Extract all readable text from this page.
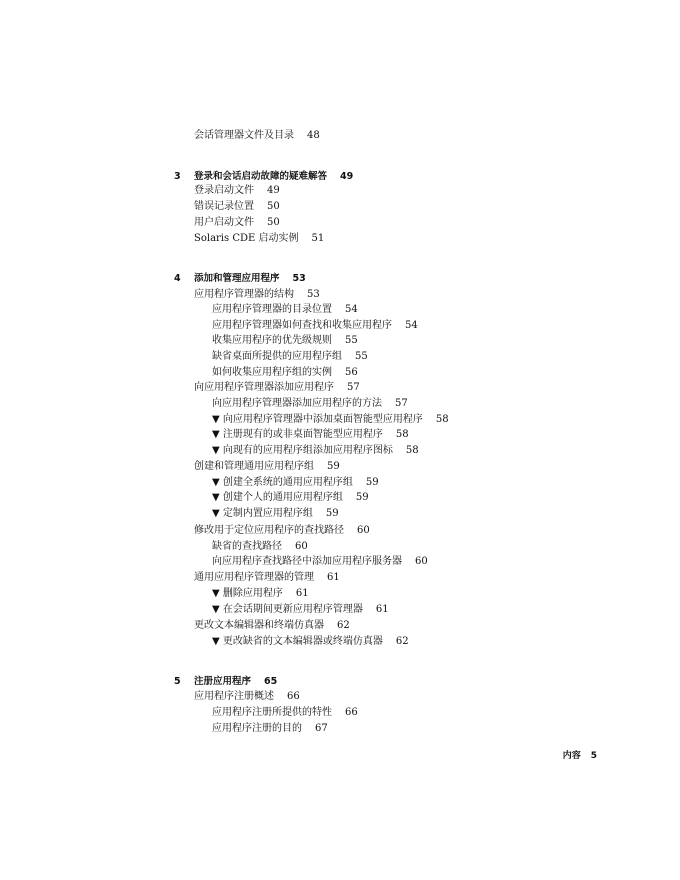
会话管理器文件及目录 48
3 登录和会话启动故障的疑难解答 49
登录启动文件 49
错误记录位置 50
用户启动文件 50
Solaris CDE 启动实例 51
4 添加和管理应用程序 53
应用程序管理器的结构 53
应用程序管理器的目录位置 54
应用程序管理器如何查找和收集应用程序 54
收集应用程序的优先级规则 55
缺省桌面所提供的应用程序组 55
如何收集应用程序组的实例 56
向应用程序管理器添加应用程序 57
向应用程序管理器添加应用程序的方法 57
▼ 向应用程序管理器中添加桌面智能型应用程序 58
▼ 注册现有的或非桌面智能型应用程序 58
▼ 向现有的应用程序组添加应用程序图标 58
创建和管理通用应用程序组 59
▼ 创建全系统的通用应用程序组 59
▼ 创建个人的通用应用程序组 59
▼ 定制内置应用程序组 59
修改用于定位应用程序的查找路径 60
缺省的查找路径 60
向应用程序查找路径中添加应用程序服务器 60
通用应用程序管理器的管理 61
▼ 删除应用程序 61
▼ 在会话期间更新应用程序管理器 61
更改文本编辑器和终端仿真器 62
▼ 更改缺省的文本编辑器或终端仿真器 62
5 注册应用程序 65
应用程序注册概述 66
应用程序注册所提供的特性 66
应用程序注册的目的 67
内容 5
